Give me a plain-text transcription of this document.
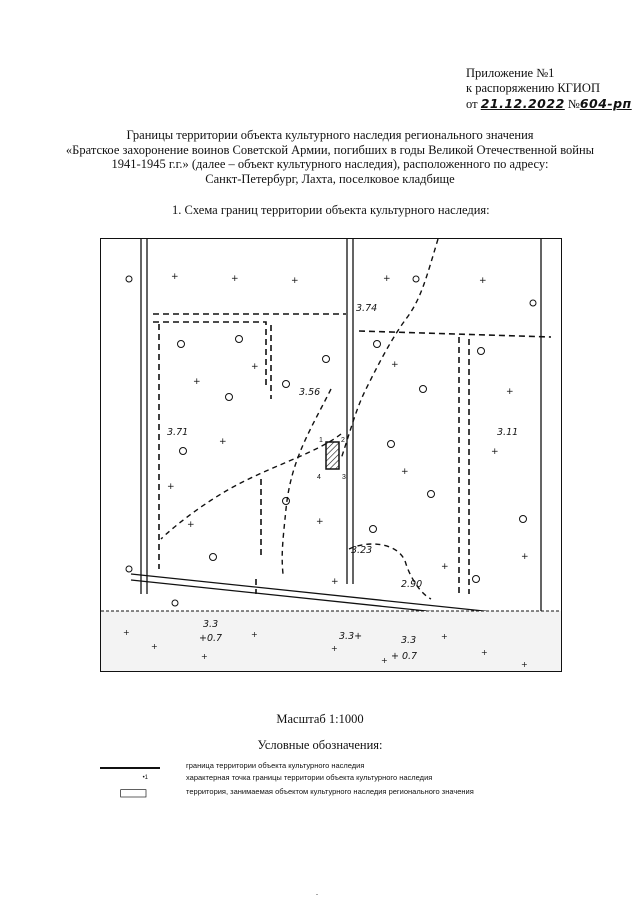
Приложение №1
к распоряжению КГИОП
от 21.12.2022 №604-рп
Границы территории объекта культурного наследия регионального значения
«Братское захоронение воинов Советской Армии, погибших в годы Великой Отечественной войны
1941-1945 г.г.» (далее – объект культурного наследия), расположенного по адресу:
Санкт-Петербург, Лахта, поселковое кладбище
1. Схема границ территории объекта культурного наследия:
1	2
3
4
+	+	+	+	+
+
+	+
+
+
+
+
+
+
+
+
+
+
+
+
+
+
+
+
+
+
+
3.74
3.56
3.71	3.11
3.23
2.90
3.3
+0.7	3.3+	3.3
+ 0.7
Масштаб 1:1000
Условные обозначения:
граница территории объекта культурного наследия
•1	характерная точка границы территории объекта культурного наследия
территория, занимаемая объектом культурного наследия регионального значения
.
